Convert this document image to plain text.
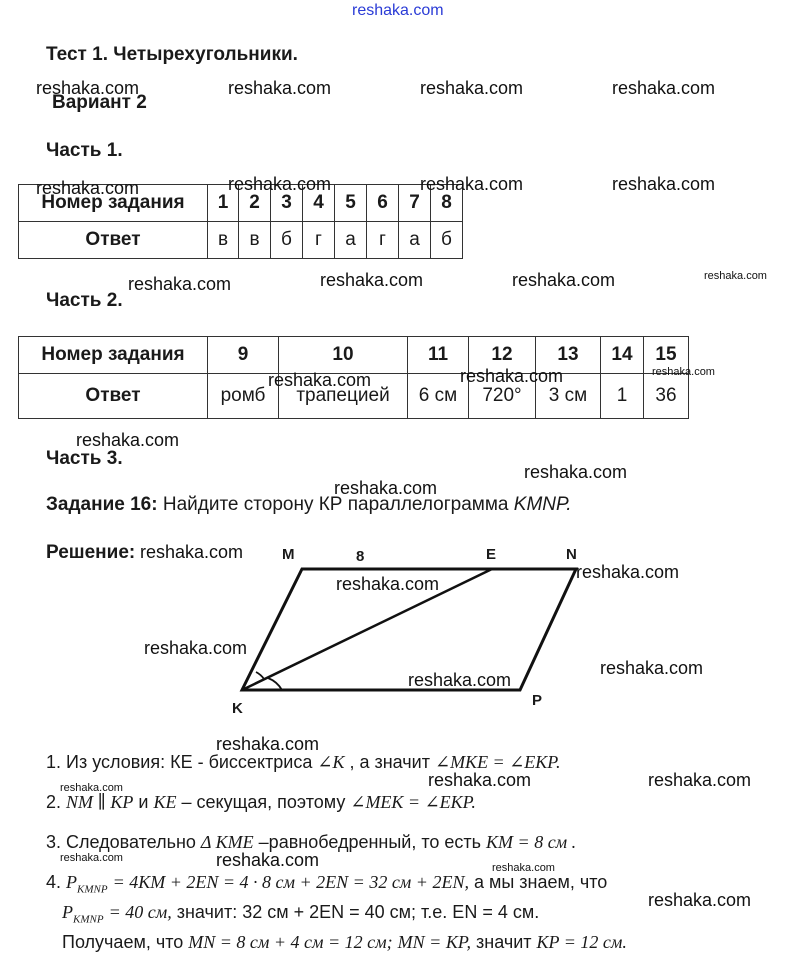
reshaka.com
Тест 1. Четырехугольники.
Вариант 2
Часть 1.
Номер задания	1	2	3	4	5	6	7	8
Ответ	в	в	б	г	а	г	а	б
Часть 2.
Номер задания	9	10	11	12	13	14	15
Ответ	ромб	трапецией	6 см	720°	3 см	1	36
Часть 3.
Задание 16: Найдите сторону КР параллелограмма KMNP.
Решение:	M	8	E	N
K	P
1. Из условия: КЕ - биссектриса ∠K , а значит ∠MKE = ∠EKP.
2. NM ∥ KP и KE – секущая, поэтому ∠MEK = ∠EKP.
3. Следовательно Δ KME –равнобедренный, то есть KM = 8 см .
4. $P_{KMNP} = 4KM + 2EN = 4 \cdot 8$ см + 2EN = 32 см + 2EN, а мы знаем, что
$P_{KMNP} = 40$ см, значит: 32 см + 2EN = 40 см; т.е. EN = 4 см.
Получаем, что MN = 8 см + 4 см = 12 см; MN = KP, значит KP = 12 см.
reshaka.com	reshaka.com	reshaka.com	reshaka.com
reshaka.com	reshaka.com	reshaka.com	reshaka.com
reshaka.com	reshaka.com	reshaka.com	reshaka.com
reshaka.com	reshaka.com	reshaka.com
reshaka.com
reshaka.com
reshaka.com
reshaka.com
reshaka.com
reshaka.com
reshaka.com
reshaka.com
reshaka.com
reshaka.com
reshaka.com	reshaka.com	reshaka.com
reshaka.com	reshaka.com	reshaka.com
reshaka.com
